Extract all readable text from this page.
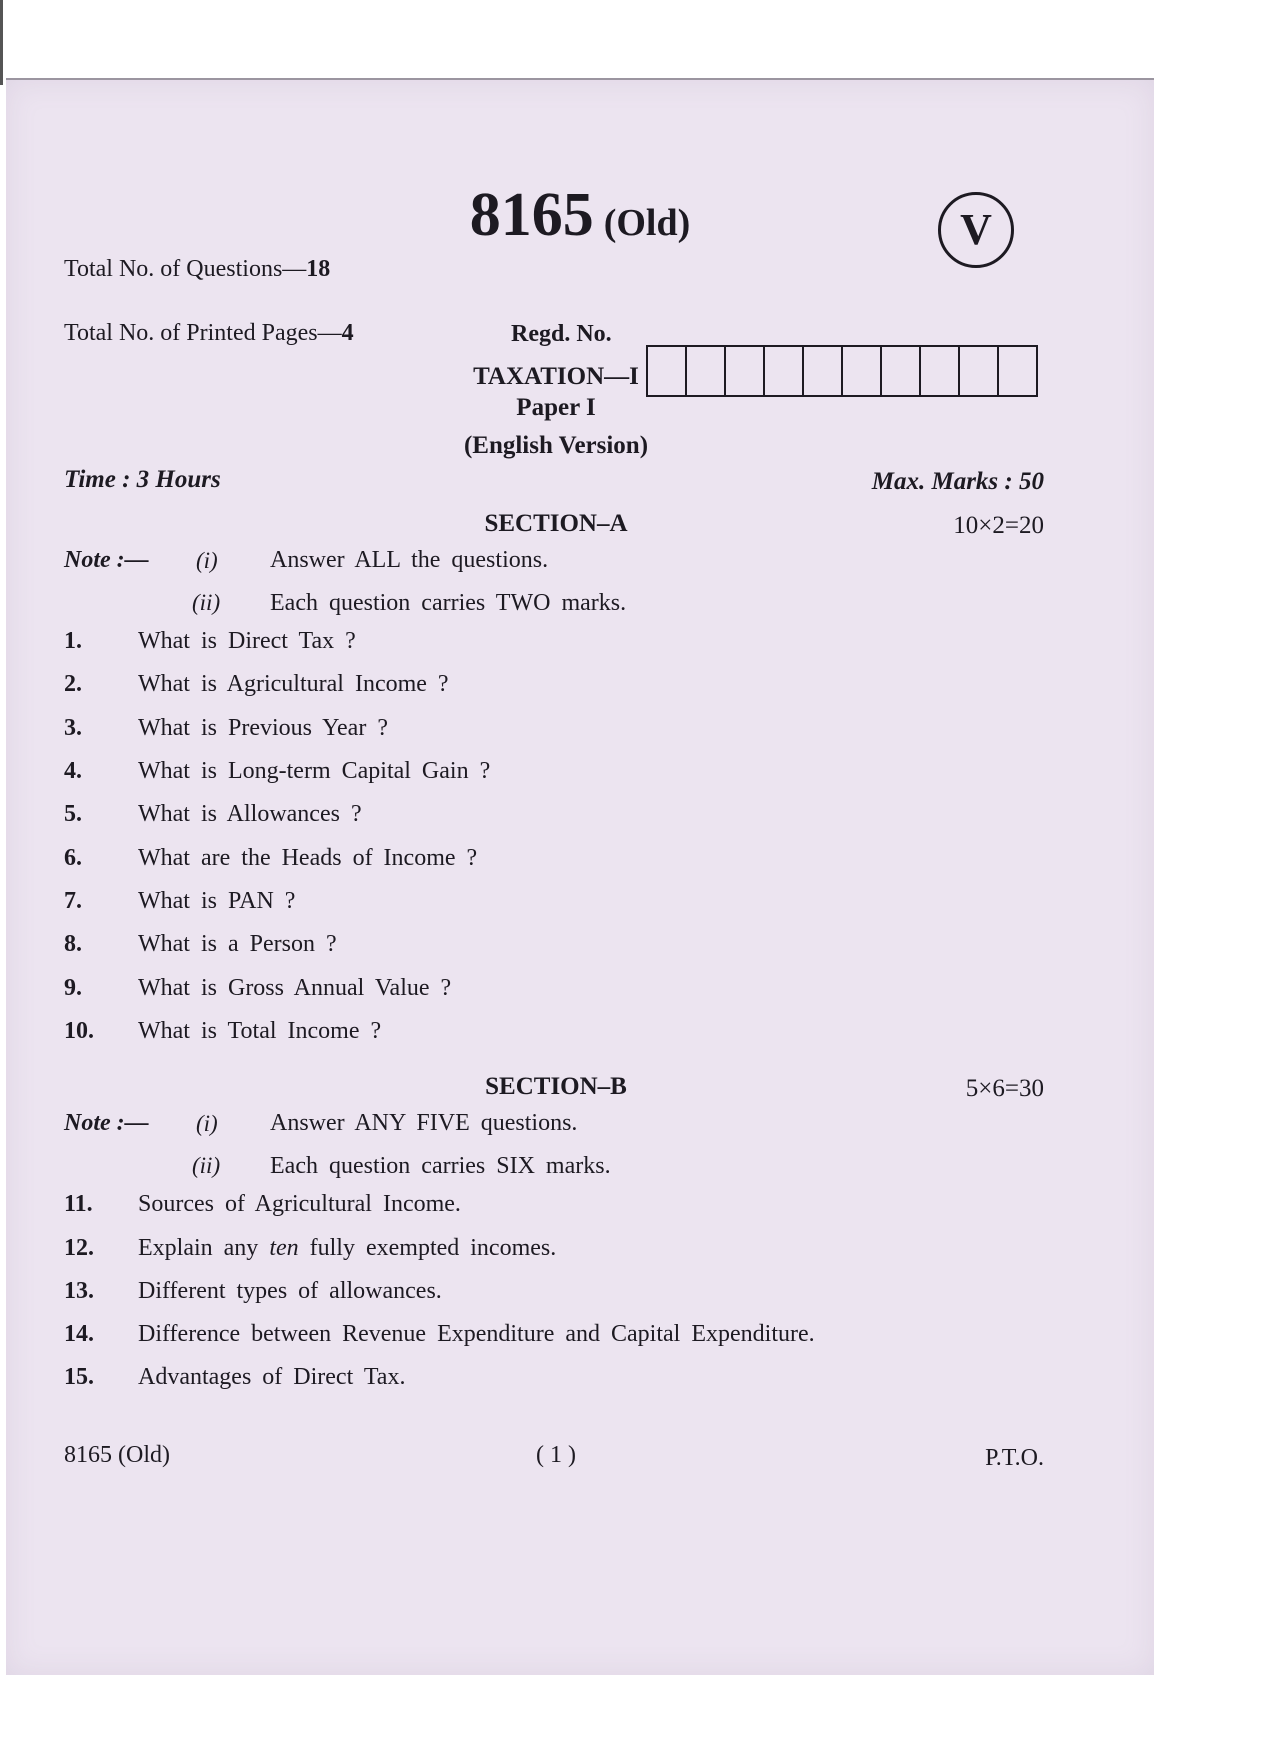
8165 (Old)	V
Total No. of Questions—18
Total No. of Printed Pages—4	Regd. No.
TAXATION—I
Paper I
(English Version)
Time : 3 Hours	Max. Marks : 50
SECTION–A	10×2=20
Note :— (i) Answer ALL the questions.
(ii) Each question carries TWO marks.
1. What is Direct Tax ?
2. What is Agricultural Income ?
3. What is Previous Year ?
4. What is Long-term Capital Gain ?
5. What is Allowances ?
6. What are the Heads of Income ?
7. What is PAN ?
8. What is a Person ?
9. What is Gross Annual Value ?
10. What is Total Income ?
SECTION–B	5×6=30
Note :— (i) Answer ANY FIVE questions.
(ii) Each question carries SIX marks.
11. Sources of Agricultural Income.
12. Explain any ten fully exempted incomes.
13. Different types of allowances.
14. Difference between Revenue Expenditure and Capital Expenditure.
15. Advantages of Direct Tax.
8165 (Old)	( 1 )	P.T.O.
